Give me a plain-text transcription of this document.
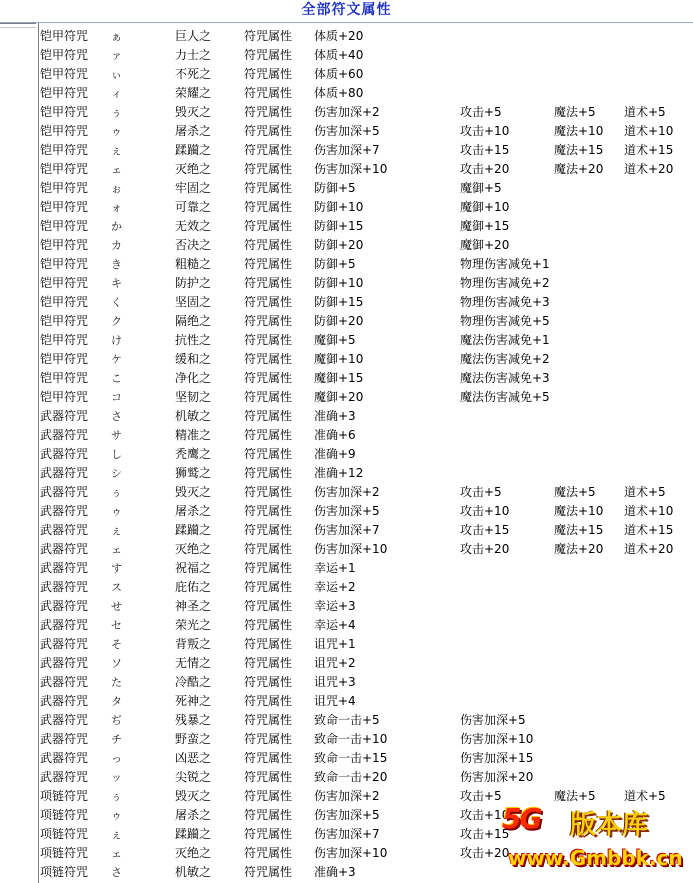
全部符文属性
铠甲符咒 ぁ	巨人之	符咒属性 体质+20
铠甲符咒 ァ	力士之	符咒属性 体质+40
铠甲符咒 ぃ	不死之	符咒属性 体质+60
铠甲符咒 ィ	荣耀之	符咒属性 体质+80
铠甲符咒 ぅ	毁灭之	符咒属性 伤害加深+2	攻击+5	魔法+5 道术+5
铠甲符咒 ゥ	屠杀之	符咒属性 伤害加深+5	攻击+10	魔法+10 道术+10
铠甲符咒 ぇ	蹂躏之	符咒属性 伤害加深+7	攻击+15	魔法+15 道术+15
铠甲符咒 ェ	灭绝之	符咒属性 伤害加深+10	攻击+20	魔法+20 道术+20
铠甲符咒 ぉ	牢固之	符咒属性 防御+5	魔御+5
铠甲符咒 ォ	可靠之	符咒属性 防御+10	魔御+10
铠甲符咒 か	无效之	符咒属性 防御+15	魔御+15
铠甲符咒 カ	否决之	符咒属性 防御+20	魔御+20
铠甲符咒 き	粗糙之	符咒属性 防御+5	物理伤害减免+1
铠甲符咒 キ	防护之	符咒属性 防御+10	物理伤害减免+2
铠甲符咒 く	坚固之	符咒属性 防御+15	物理伤害减免+3
铠甲符咒 ク	隔绝之	符咒属性 防御+20	物理伤害减免+5
铠甲符咒 け	抗性之	符咒属性 魔御+5	魔法伤害减免+1
铠甲符咒 ケ	缓和之	符咒属性 魔御+10	魔法伤害减免+2
铠甲符咒 こ	净化之	符咒属性 魔御+15	魔法伤害减免+3
铠甲符咒 コ	坚韧之	符咒属性 魔御+20	魔法伤害减免+5
武器符咒 さ	机敏之	符咒属性 准确+3
武器符咒 サ	精准之	符咒属性 准确+6
武器符咒 し	秃鹰之	符咒属性 准确+9
武器符咒 シ	狮鹫之	符咒属性 准确+12
武器符咒 ぅ	毁灭之	符咒属性 伤害加深+2	攻击+5	魔法+5 道术+5
武器符咒 ゥ	屠杀之	符咒属性 伤害加深+5	攻击+10	魔法+10 道术+10
武器符咒 ぇ	蹂躏之	符咒属性 伤害加深+7	攻击+15	魔法+15 道术+15
武器符咒 ェ	灭绝之	符咒属性 伤害加深+10	攻击+20	魔法+20 道术+20
武器符咒 す	祝福之	符咒属性 幸运+1
武器符咒 ス	庇佑之	符咒属性 幸运+2
武器符咒 せ	神圣之	符咒属性 幸运+3
武器符咒 セ	荣光之	符咒属性 幸运+4
武器符咒 そ	背叛之	符咒属性 诅咒+1
武器符咒 ソ	无情之	符咒属性 诅咒+2
武器符咒 た	冷酷之	符咒属性 诅咒+3
武器符咒 タ	死神之	符咒属性 诅咒+4
武器符咒 ぢ	残暴之	符咒属性 致命一击+5	伤害加深+5
武器符咒 チ	野蛮之	符咒属性 致命一击+10	伤害加深+10
武器符咒 っ	凶恶之	符咒属性 致命一击+15	伤害加深+15
武器符咒 ッ	尖锐之	符咒属性 致命一击+20	伤害加深+20
项链符咒 ぅ	毁灭之	符咒属性 伤害加深+2	攻击+5	魔法+5 道术+5
项链符咒 ゥ	屠杀之	符咒属性 伤害加深+5	攻击+10
项链符咒 ぇ	蹂躏之	符咒属性 伤害加深+7	攻击+15
项链符咒 ェ	灭绝之	符咒属性 伤害加深+10	攻击+20
项链符咒 さ	机敏之	符咒属性 准确+3
5G 版本库
www.Gmbbk.cn
